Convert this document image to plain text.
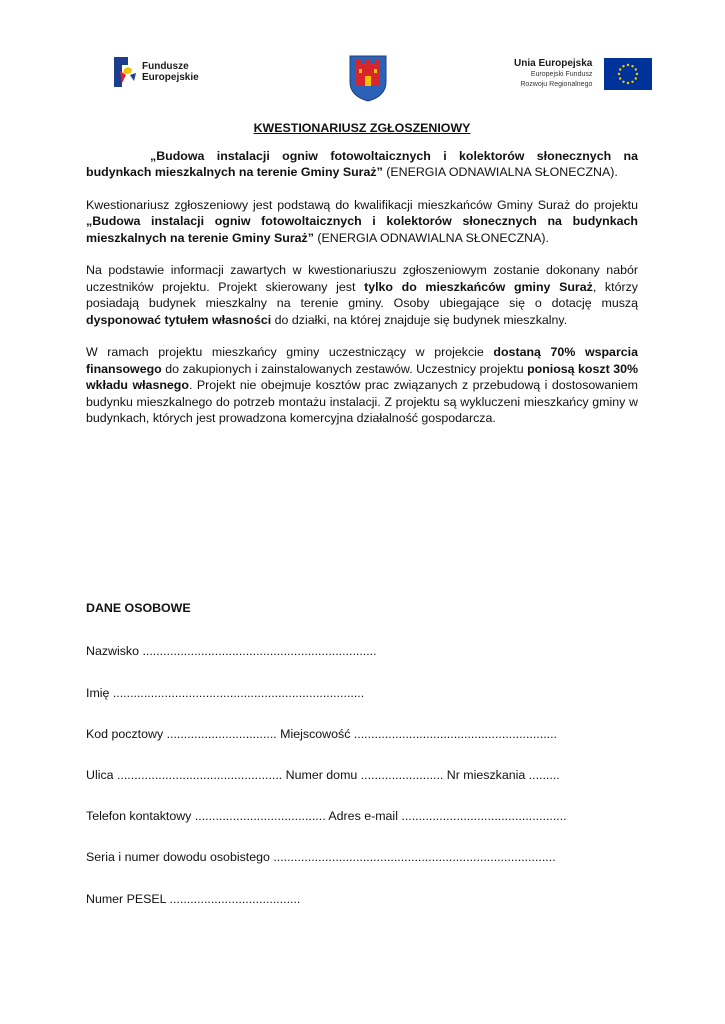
Fundusze
Europejskie
Unia Europejska
Europejski Fundusz
Rozwoju Regionalnego
KWESTIONARIUSZ ZGŁOSZENIOWY
„Budowa instalacji ogniw fotowoltaicznych i kolektorów słonecznych na budynkach mieszkalnych na terenie Gminy Suraż” (ENERGIA ODNAWIALNA SŁONECZNA).

Kwestionariusz zgłoszeniowy jest podstawą do kwalifikacji mieszkańców Gminy Suraż do projektu „Budowa instalacji ogniw fotowoltaicznych i kolektorów słonecznych na budynkach mieszkalnych na terenie Gminy Suraż” (ENERGIA ODNAWIALNA SŁONECZNA).

Na podstawie informacji zawartych w kwestionariuszu zgłoszeniowym zostanie dokonany nabór uczestników projektu. Projekt skierowany jest tylko do mieszkańców gminy Suraż, którzy posiadają budynek mieszkalny na terenie gminy. Osoby ubiegające się o dotację muszą dysponować tytułem własności do działki, na której znajduje się budynek mieszkalny.

W ramach projektu mieszkańcy gminy uczestniczący w projekcie dostaną 70% wsparcia finansowego do zakupionych i zainstalowanych zestawów. Uczestnicy projektu poniosą koszt 30% wkładu własnego. Projekt nie obejmuje kosztów prac związanych z przebudową i dostosowaniem budynku mieszkalnego do potrzeb montażu instalacji. Z projektu są wykluczeni mieszkańcy gminy w budynkach, których jest prowadzona komercyjna działalność gospodarcza.

DANE OSOBOWE
Nazwisko ....................................................................
Imię .........................................................................
Kod pocztowy ................................ Miejscowość ...........................................................
Ulica ................................................ Numer domu ........................ Nr mieszkania .........
Telefon kontaktowy ...................................... Adres e-mail ................................................
Seria i numer dowodu osobistego ..................................................................................
Numer PESEL ......................................
